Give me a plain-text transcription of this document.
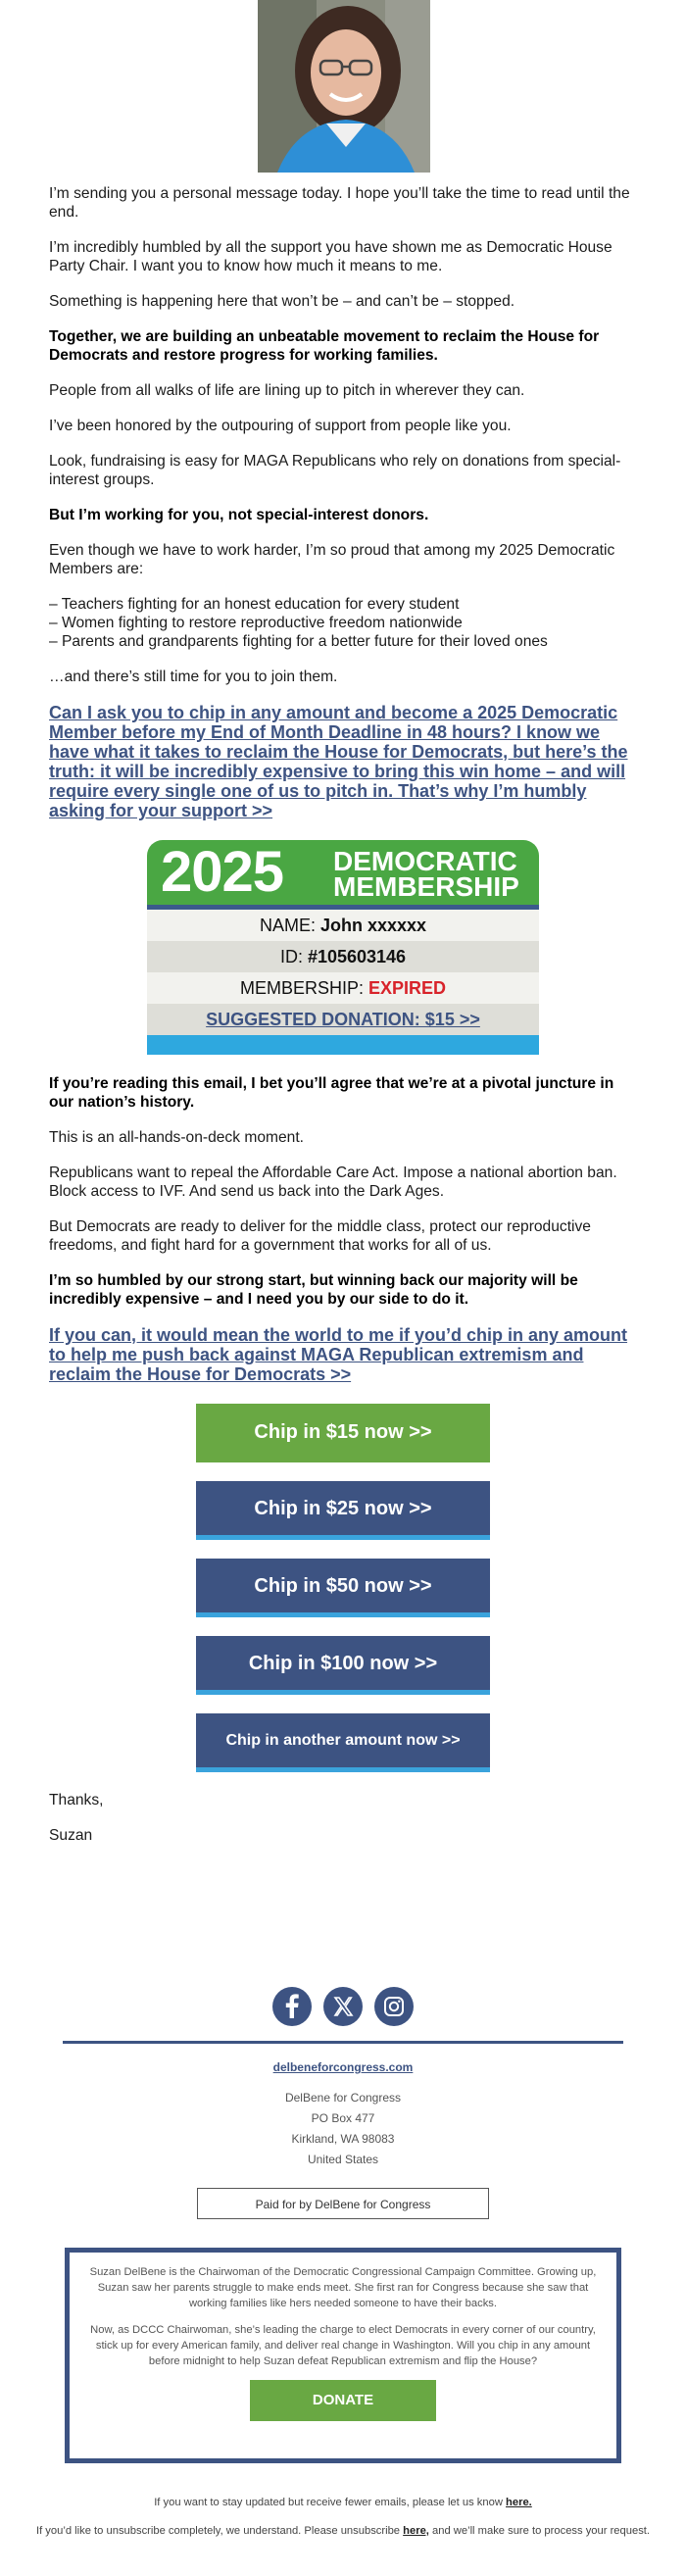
I’m sending you a personal message today. I hope you’ll take the time to read until the end.

I’m incredibly humbled by all the support you have shown me as Democratic House Party Chair. I want you to know how much it means to me.

Something is happening here that won’t be – and can’t be – stopped.

Together, we are building an unbeatable movement to reclaim the House for Democrats and restore progress for working families.

People from all walks of life are lining up to pitch in wherever they can.

I’ve been honored by the outpouring of support from people like you.

Look, fundraising is easy for MAGA Republicans who rely on donations from special-interest groups.

But I’m working for you, not special-interest donors.

Even though we have to work harder, I’m so proud that among my 2025 Democratic Members are:

– Teachers fighting for an honest education for every student
– Women fighting to restore reproductive freedom nationwide
– Parents and grandparents fighting for a better future for their loved ones

…and there’s still time for you to join them.

Can I ask you to chip in any amount and become a 2025 Democratic Member before my End of Month Deadline in 48 hours? I know we have what it takes to reclaim the House for Democrats, but here’s the truth: it will be incredibly expensive to bring this win home – and will require every single one of us to pitch in. That’s why I’m humbly asking for your support >>
2025 DEMOCRATIC
MEMBERSHIP
NAME: John xxxxxx
ID: #105603146
MEMBERSHIP: EXPIRED
SUGGESTED DONATION: $15 >>

If you’re reading this email, I bet you’ll agree that we’re at a pivotal juncture in our nation’s history.

This is an all-hands-on-deck moment.

Republicans want to repeal the Affordable Care Act. Impose a national abortion ban. Block access to IVF. And send us back into the Dark Ages.

But Democrats are ready to deliver for the middle class, protect our reproductive freedoms, and fight hard for a government that works for all of us.

I’m so humbled by our strong start, but winning back our majority will be incredibly expensive – and I need you by our side to do it.

If you can, it would mean the world to me if you’d chip in any amount to help me push back against MAGA Republican extremism and reclaim the House for Democrats >>
Chip in $15 now >>
Chip in $25 now >>
Chip in $50 now >>
Chip in $100 now >>
Chip in another amount now >>

Thanks,

Suzan

delbeneforcongress.com
DelBene for Congress
PO Box 477
Kirkland, WA 98083
United States
Paid for by DelBene for Congress

Suzan DelBene is the Chairwoman of the Democratic Congressional Campaign Committee. Growing up, Suzan saw her parents struggle to make ends meet. She first ran for Congress because she saw that working families like hers needed someone to have their backs.

Now, as DCCC Chairwoman, she’s leading the charge to elect Democrats in every corner of our country, stick up for every American family, and deliver real change in Washington. Will you chip in any amount before midnight to help Suzan defeat Republican extremism and flip the House?

DONATE

If you want to stay updated but receive fewer emails, please let us know here.

If you’d like to unsubscribe completely, we understand. Please unsubscribe here, and we’ll make sure to process your request.
